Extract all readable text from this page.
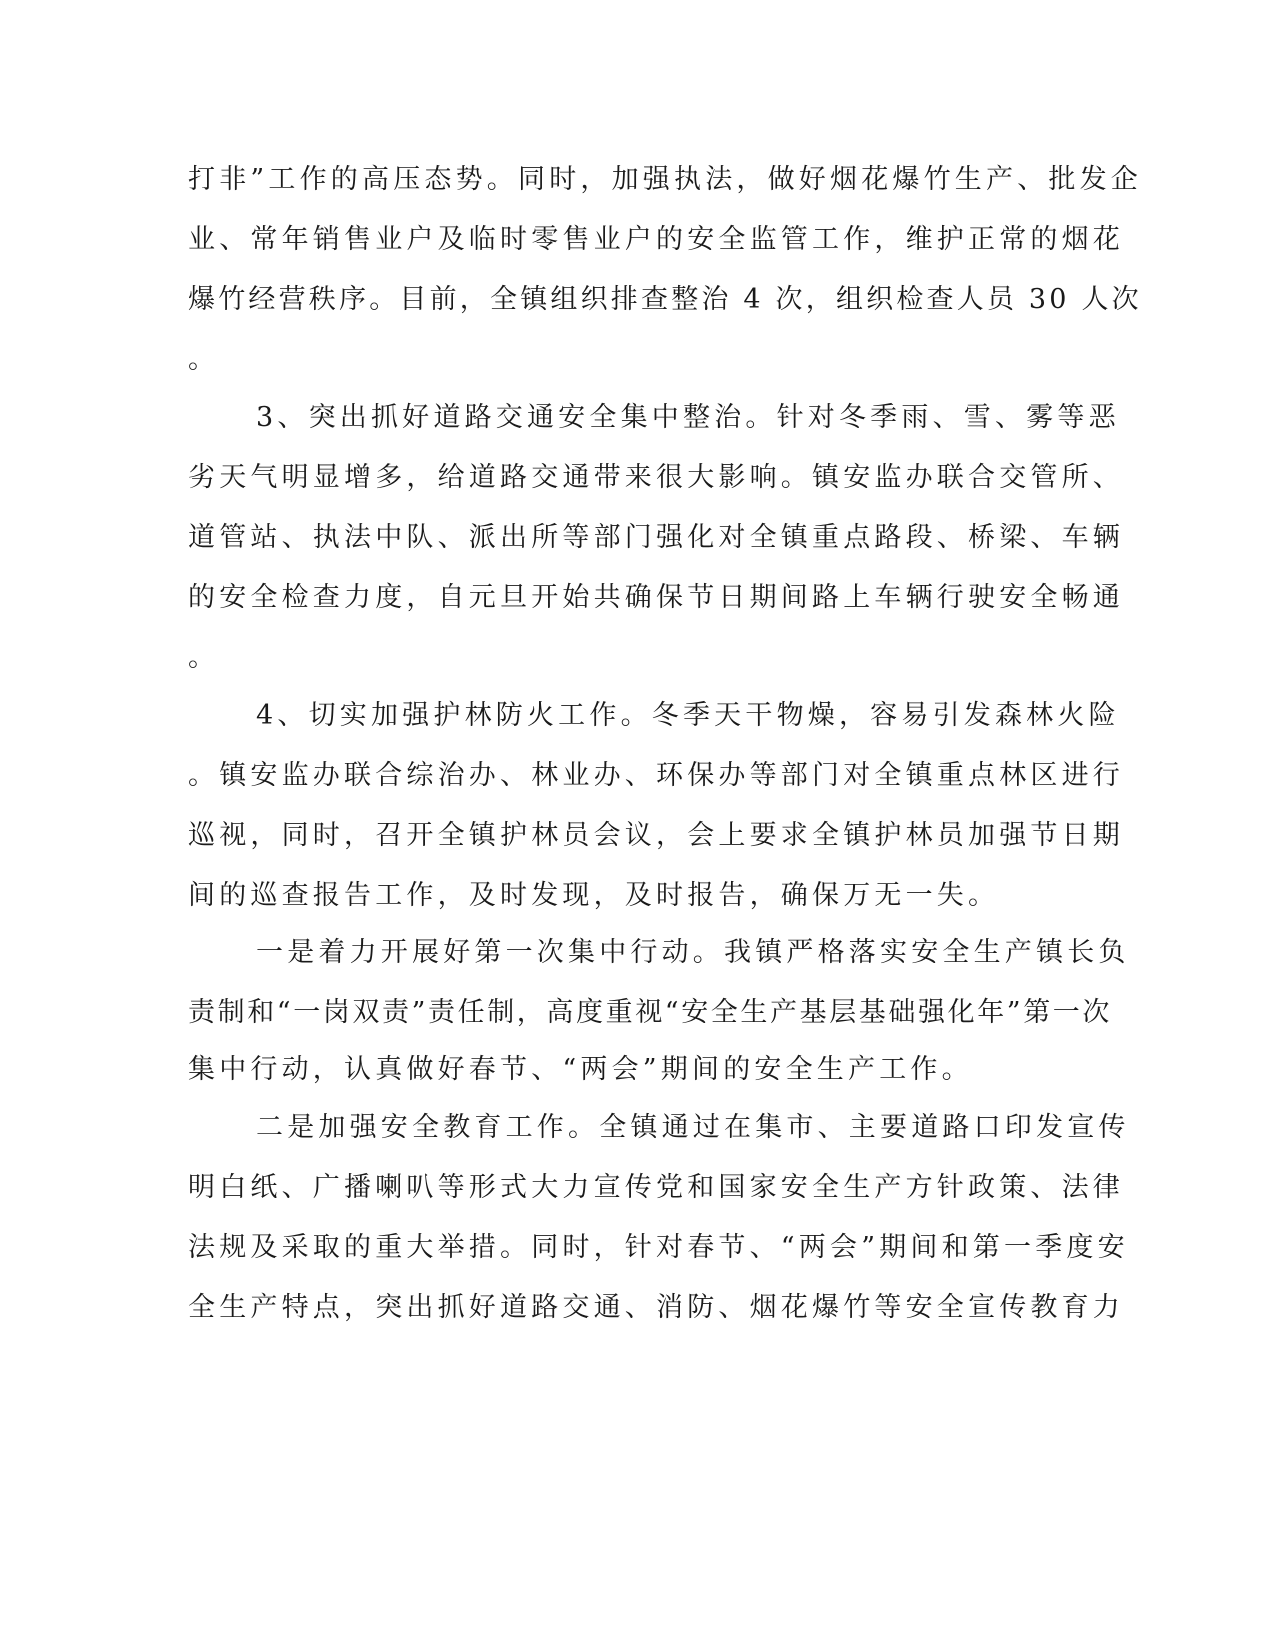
打非”工作的高压态势。同时，加强执法，做好烟花爆竹生产、批发企
业、常年销售业户及临时零售业户的安全监管工作，维护正常的烟花
爆竹经营秩序。目前，全镇组织排查整治 4 次，组织检查人员 30 人次
。
3、突出抓好道路交通安全集中整治。针对冬季雨、雪、雾等恶
劣天气明显增多，给道路交通带来很大影响。镇安监办联合交管所、
道管站、执法中队、派出所等部门强化对全镇重点路段、桥梁、车辆
的安全检查力度，自元旦开始共确保节日期间路上车辆行驶安全畅通
。
4、切实加强护林防火工作。冬季天干物燥，容易引发森林火险
。镇安监办联合综治办、林业办、环保办等部门对全镇重点林区进行
巡视，同时，召开全镇护林员会议，会上要求全镇护林员加强节日期
间的巡查报告工作，及时发现，及时报告，确保万无一失。
一是着力开展好第一次集中行动。我镇严格落实安全生产镇长负
责制和“一岗双责”责任制，高度重视“安全生产基层基础强化年”第一次
集中行动，认真做好春节、“两会”期间的安全生产工作。
二是加强安全教育工作。全镇通过在集市、主要道路口印发宣传
明白纸、广播喇叭等形式大力宣传党和国家安全生产方针政策、法律
法规及采取的重大举措。同时，针对春节、“两会”期间和第一季度安
全生产特点，突出抓好道路交通、消防、烟花爆竹等安全宣传教育力
